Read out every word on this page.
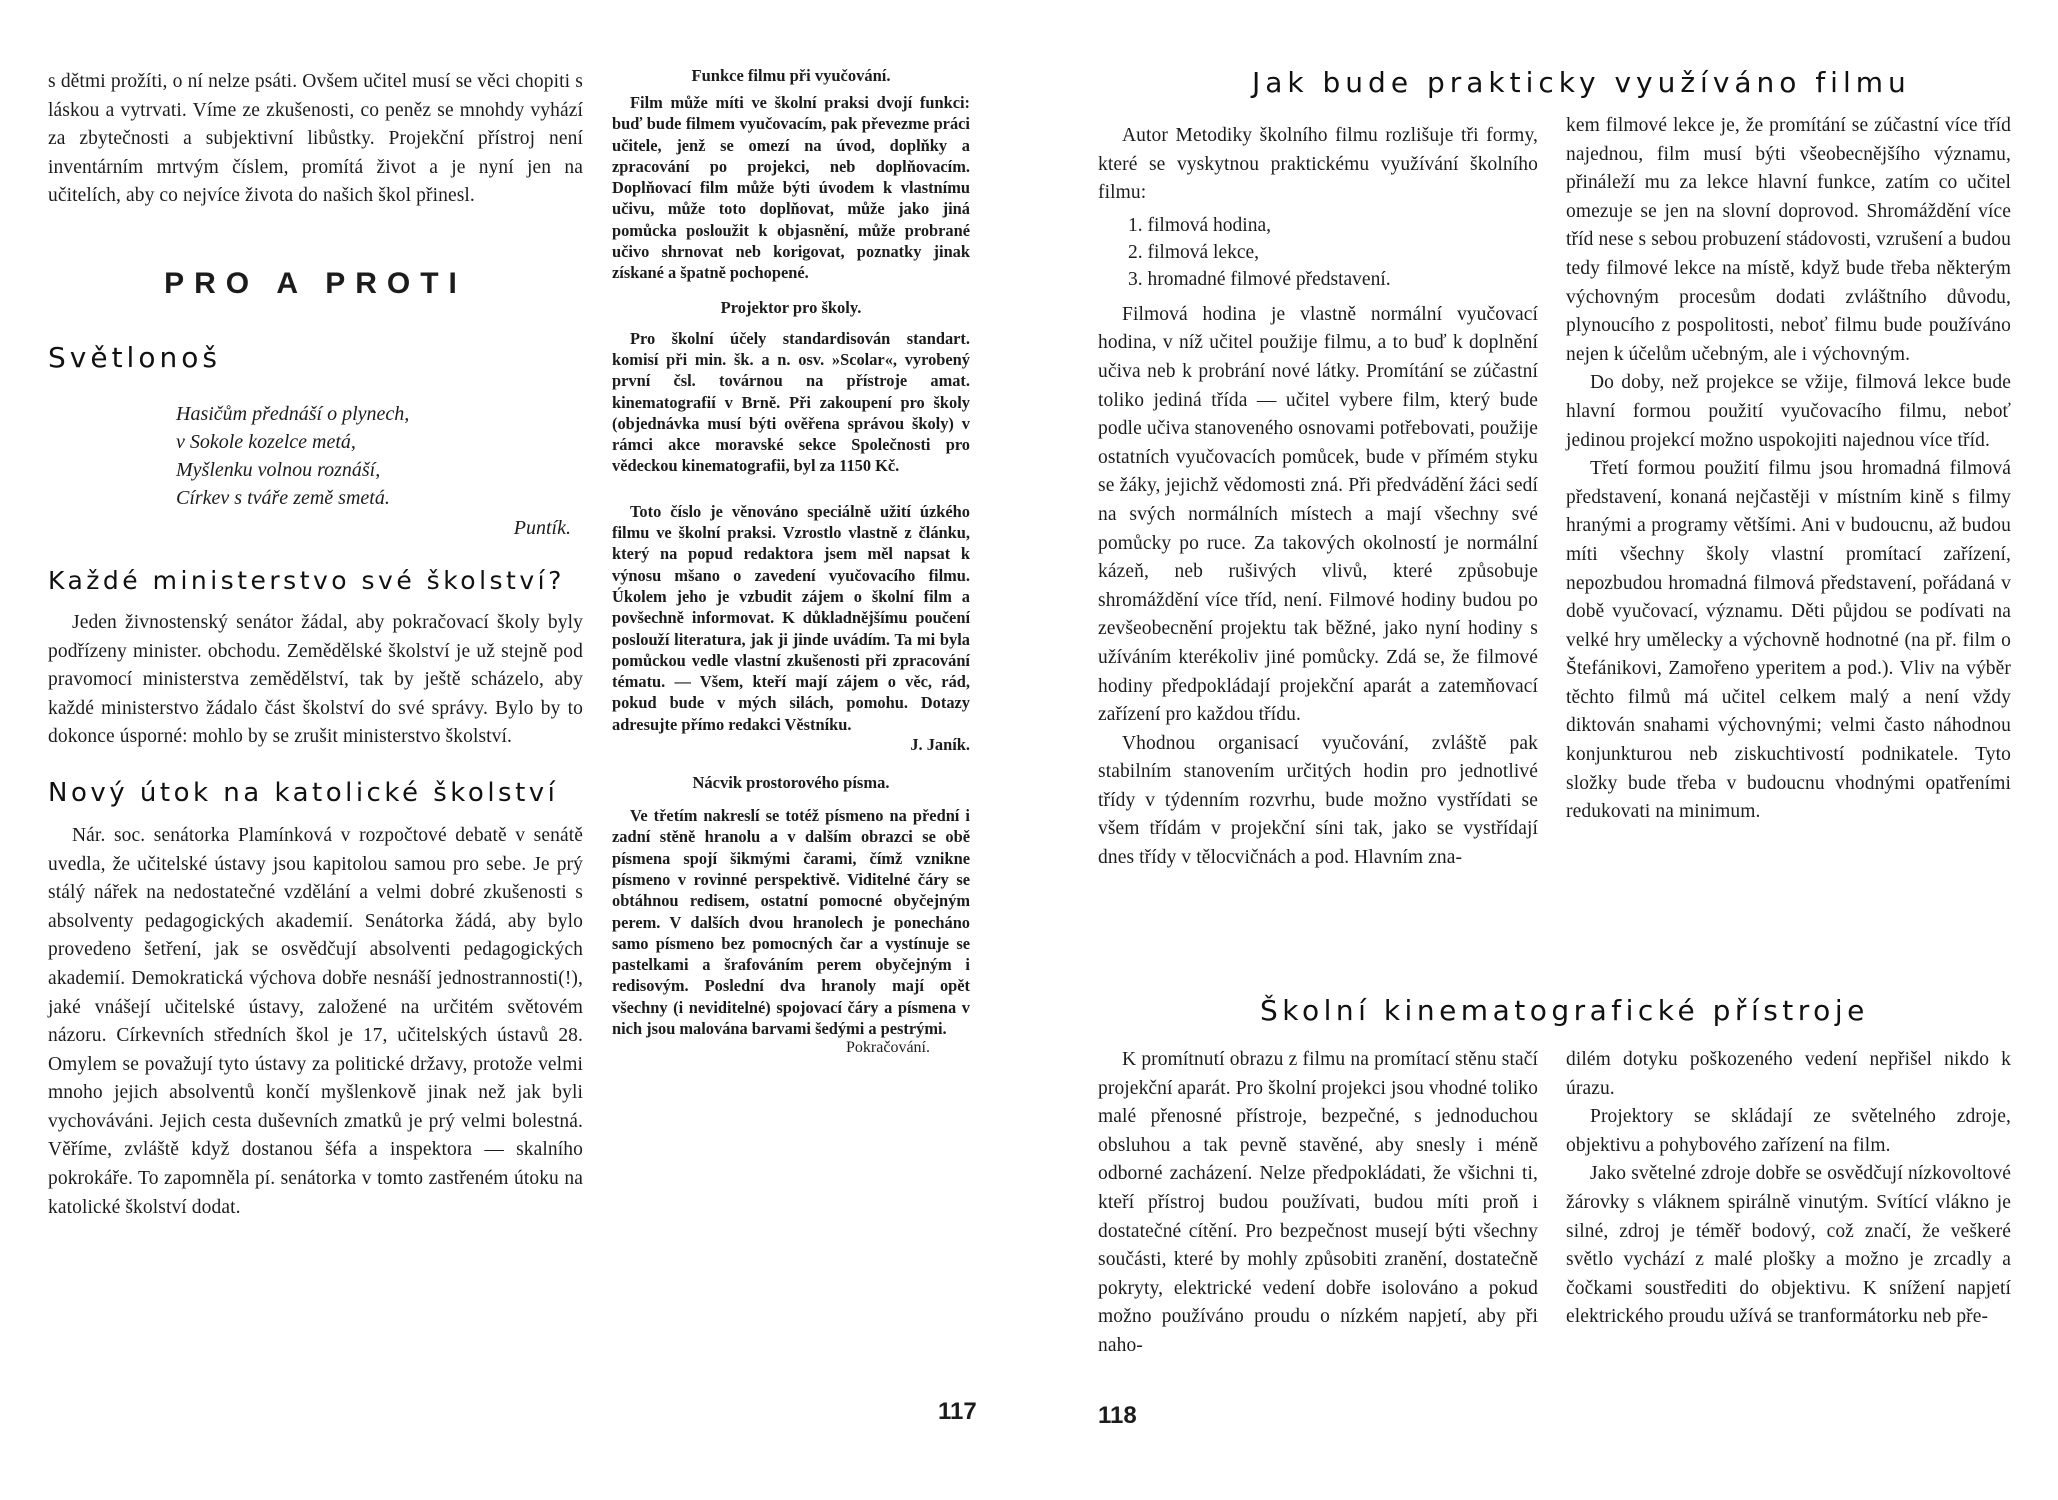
s dětmi prožíti, o ní nelze psáti. Ovšem učitel musí se věci chopiti s láskou a vytrvati. Víme ze zkušenosti, co peněz se mnohdy vyhází za zbytečnosti a subjektivní libůstky. Projekční přístroj není inventárním mrtvým číslem, promítá život a je nyní jen na učitelích, aby co nejvíce života do našich škol přinesl.

PRO A PROTI
Světlonoš
Hasičům přednáší o plynech,
v Sokole kozelce metá,
Myšlenku volnou roznáší,
Církev s tváře země smetá.
Puntík.
Každé ministerstvo své školství?

Jeden živnostenský senátor žádal, aby pokračovací školy byly podřízeny minister. obchodu. Zemědělské školství je už stejně pod pravomocí ministerstva zemědělství, tak by ještě scházelo, aby každé ministerstvo žádalo část školství do své správy. Bylo by to dokonce úsporné: mohlo by se zrušit ministerstvo školství.

Nový útok na katolické školství

Nár. soc. senátorka Plamínková v rozpočtové debatě v senátě uvedla, že učitelské ústavy jsou kapitolou samou pro sebe. Je prý stálý nářek na nedostatečné vzdělání a velmi dobré zkušenosti s absolventy pedagogických akademií. Senátorka žádá, aby bylo provedeno šetření, jak se osvědčují absolventi pedagogických akademií. Demokratická výchova dobře nesnáší jednostrannosti(!), jaké vnášejí učitelské ústavy, založené na určitém světovém názoru. Církevních středních škol je 17, učitelských ústavů 28. Omylem se považují tyto ústavy za politické državy, protože velmi mnoho jejich absolventů končí myšlenkově jinak než jak byli vychováváni. Jejich cesta duševních zmatků je prý velmi bolestná. Věříme, zvláště když dostanou šéfa a inspektora — skalního pokrokáře. To zapomněla pí. senátorka v tomto zastřeném útoku na katolické školství dodat.

Funkce filmu při vyučování.

Film může míti ve školní praksi dvojí funkci: buď bude filmem vyučovacím, pak převezme práci učitele, jenž se omezí na úvod, doplňky a zpracování po projekci, neb doplňovacím. Doplňovací film může býti úvodem k vlastnímu učivu, může toto doplňovat, může jako jiná pomůcka posloužit k objasnění, může probrané učivo shrnovat neb korigovat, poznatky jinak získané a špatně pochopené.

Projektor pro školy.

Pro školní účely standardisován standart. komisí při min. šk. a n. osv. »Scolar«, vyrobený první čsl. továrnou na přístroje amat. kinematografií v Brně. Při zakoupení pro školy (objednávka musí býti ověřena správou školy) v rámci akce moravské sekce Společnosti pro vědeckou kinematografii, byl za 1150 Kč.

Toto číslo je věnováno speciálně užití úzkého filmu ve školní praksi. Vzrostlo vlastně z článku, který na popud redaktora jsem měl napsat k výnosu mšano o zavedení vyučovacího filmu. Úkolem jeho je vzbudit zájem o školní film a povšechně informovat. K důkladnějšímu poučení poslouží literatura, jak ji jinde uvádím. Ta mi byla pomůckou vedle vlastní zkušenosti při zpracování tématu. — Všem, kteří mají zájem o věc, rád, pokud bude v mých silách, pomohu. Dotazy adresujte přímo redakci Věstníku.

J. Janík.
Nácvik prostorového písma.

Ve třetím nakreslí se totéž písmeno na přední i zadní stěně hranolu a v dalším obrazci se obě písmena spojí šikmými čarami, čímž vznikne písmeno v rovinné perspektivě. Viditelné čáry se obtáhnou redisem, ostatní pomocné obyčejným perem. V dalších dvou hranolech je ponecháno samo písmeno bez pomocných čar a vystínuje se pastelkami a šrafováním perem obyčejným i redisovým. Poslední dva hranoly mají opět všechny (i neviditelné) spojovací čáry a písmena v nich jsou malována barvami šedými a pestrými.

Pokračování.
117	118
Jak bude prakticky využíváno filmu

Autor Metodiky školního filmu rozlišuje tři formy, které se vyskytnou praktickému využívání školního filmu:

1. filmová hodina,
2. filmová lekce,
3. hromadné filmové představení.

Filmová hodina je vlastně normální vyučovací hodina, v níž učitel použije filmu, a to buď k doplnění učiva neb k probrání nové látky. Promítání se zúčastní toliko jediná třída — učitel vybere film, který bude podle učiva stanoveného osnovami potřebovati, použije ostatních vyučovacích pomůcek, bude v přímém styku se žáky, jejichž vědomosti zná. Při předvádění žáci sedí na svých normálních místech a mají všechny své pomůcky po ruce. Za takových okolností je normální kázeň, neb rušivých vlivů, které způsobuje shromáždění více tříd, není. Filmové hodiny budou po zevšeobecnění projektu tak běžné, jako nyní hodiny s užíváním kterékoliv jiné pomůcky. Zdá se, že filmové hodiny předpokládají projekční aparát a zatemňovací zařízení pro každou třídu.

Vhodnou organisací vyučování, zvláště pak stabilním stanovením určitých hodin pro jednotlivé třídy v týdenním rozvrhu, bude možno vystřídati se všem třídám v projekční síni tak, jako se vystřídají dnes třídy v tělocvičnách a pod. Hlavním zna-

kem filmové lekce je, že promítání se zúčastní více tříd najednou, film musí býti všeobecnějšího významu, přináleží mu za lekce hlavní funkce, zatím co učitel omezuje se jen na slovní doprovod. Shromáždění více tříd nese s sebou probuzení stádovosti, vzrušení a budou tedy filmové lekce na místě, když bude třeba některým výchovným procesům dodati zvláštního důvodu, plynoucího z pospolitosti, neboť filmu bude používáno nejen k účelům učebným, ale i výchovným.

Do doby, než projekce se vžije, filmová lekce bude hlavní formou použití vyučovacího filmu, neboť jedinou projekcí možno uspokojiti najednou více tříd.

Třetí formou použití filmu jsou hromadná filmová představení, konaná nejčastěji v místním kině s filmy hranými a programy většími. Ani v budoucnu, až budou míti všechny školy vlastní promítací zařízení, nepozbudou hromadná filmová představení, pořádaná v době vyučovací, významu. Děti půjdou se podívati na velké hry umělecky a výchovně hodnotné (na př. film o Štefánikovi, Zamořeno yperitem a pod.). Vliv na výběr těchto filmů má učitel celkem malý a není vždy diktován snahami výchovnými; velmi často náhodnou konjunkturou neb ziskuchtivostí podnikatele. Tyto složky bude třeba v budoucnu vhodnými opatřeními redukovati na minimum.

Školní kinematografické přístroje

K promítnutí obrazu z filmu na promítací stěnu stačí projekční aparát. Pro školní projekci jsou vhodné toliko malé přenosné přístroje, bezpečné, s jednoduchou obsluhou a tak pevně stavěné, aby snesly i méně odborné zacházení. Nelze předpokládati, že všichni ti, kteří přístroj budou používati, budou míti proň i dostatečné cítění. Pro bezpečnost musejí býti všechny součásti, které by mohly způsobiti zranění, dostatečně pokryty, elektrické vedení dobře isolováno a pokud možno používáno proudu o nízkém napjetí, aby při naho-

dilém dotyku poškozeného vedení nepřišel nikdo k úrazu.

Projektory se skládají ze světelného zdroje, objektivu a pohybového zařízení na film.

Jako světelné zdroje dobře se osvědčují nízkovoltové žárovky s vláknem spirálně vinutým. Svítící vlákno je silné, zdroj je téměř bodový, což značí, že veškeré světlo vychází z malé plošky a možno je zrcadly a čočkami soustřediti do objektivu. K snížení napjetí elektrického proudu užívá se tranformátorku neb pře-
